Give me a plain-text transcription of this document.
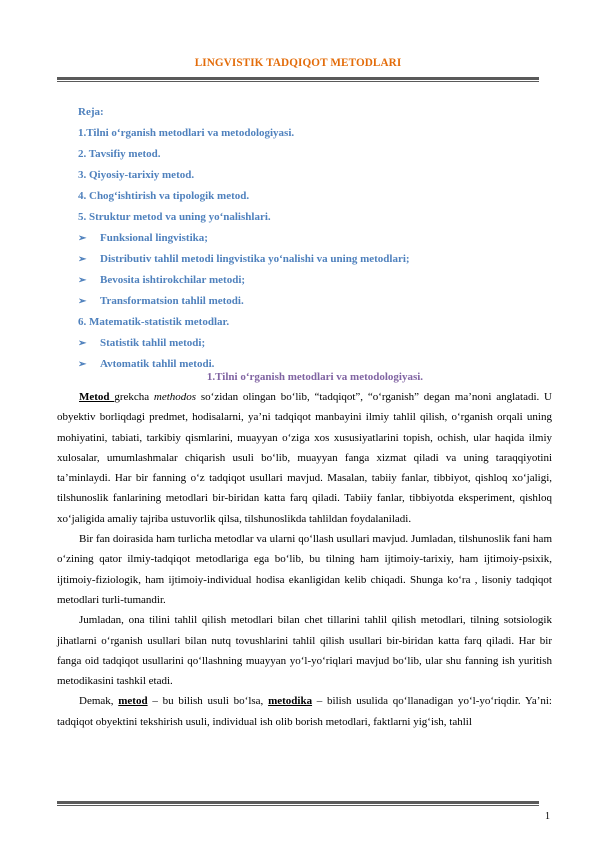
LINGVISTIK TADQIQOT METODLARI
Reja:
1.Tilni o‘rganish metodlari va metodologiyasi.
2. Tavsifiy metod.
3. Qiyosiy-tarixiy metod.
4. Chog‘ishtirish va tipologik metod.
5. Struktur metod va uning yo‘nalishlari.
➢ Funksional lingvistika;
➢ Distributiv tahlil metodi lingvistika yo‘nalishi va uning metodlari;
➢ Bevosita ishtirokchilar metodi;
➢ Transformatsion tahlil metodi.
6. Matematik-statistik metodlar.
➢ Statistik tahlil metodi;
➢ Avtomatik tahlil metodi.
1.Tilni o‘rganish metodlari va metodologiyasi.

Metod grekcha methodos so‘zidan olingan bo‘lib, “tadqiqot”, “o‘rganish” degan ma’noni anglatadi. U obyektiv borliqdagi predmet, hodisalarni, ya’ni tadqiqot manbayini ilmiy tahlil qilish, o‘rganish orqali uning mohiyatini, tabiati, tarkibiy qismlarini, muayyan o‘ziga xos xususiyatlarini topish, ochish, ular haqida ilmiy xulosalar, umumlashmalar chiqarish usuli bo‘lib, muayyan fanga xizmat qiladi va uning taraqqiyotini ta’minlaydi. Har bir fanning o‘z tadqiqot usullari mavjud. Masalan, tabiiy fanlar, tibbiyot, qishloq xo‘jaligi, tilshunoslik fanlarining metodlari bir-biridan katta farq qiladi. Tabiiy fanlar, tibbiyotda eksperiment, qishloq xo‘jaligida amaliy tajriba ustuvorlik qilsa, tilshunoslikda tahlildan foydalaniladi.

Bir fan doirasida ham turlicha metodlar va ularni qo‘llash usullari mavjud. Jumladan, tilshunoslik fani ham o‘zining qator ilmiy-tadqiqot metodlariga ega bo‘lib, bu tilning ham ijtimoiy-tarixiy, ham ijtimoiy-psixik, ijtimoiy-fiziologik, ham ijtimoiy-individual hodisa ekanligidan kelib chiqadi. Shunga ko‘ra , lisoniy tadqiqot metodlari turli-tumandir.

Jumladan, ona tilini tahlil qilish metodlari bilan chet tillarini tahlil qilish metodlari, tilning sotsiologik jihatlarni o‘rganish usullari bilan nutq tovushlarini tahlil qilish usullari bir-biridan katta farq qiladi. Har bir fanga oid tadqiqot usullarini qo‘llashning muayyan yo‘l-yo‘riqlari mavjud bo‘lib, ular shu fanning ish yuritish metodikasini tashkil etadi.

Demak, metod – bu bilish usuli bo‘lsa, metodika – bilish usulida qo‘llanadigan yo‘l-yo‘riqdir. Ya’ni: tadqiqot obyektini tekshirish usuli, individual ish olib borish metodlari, faktlarni yig‘ish, tahlil

1
